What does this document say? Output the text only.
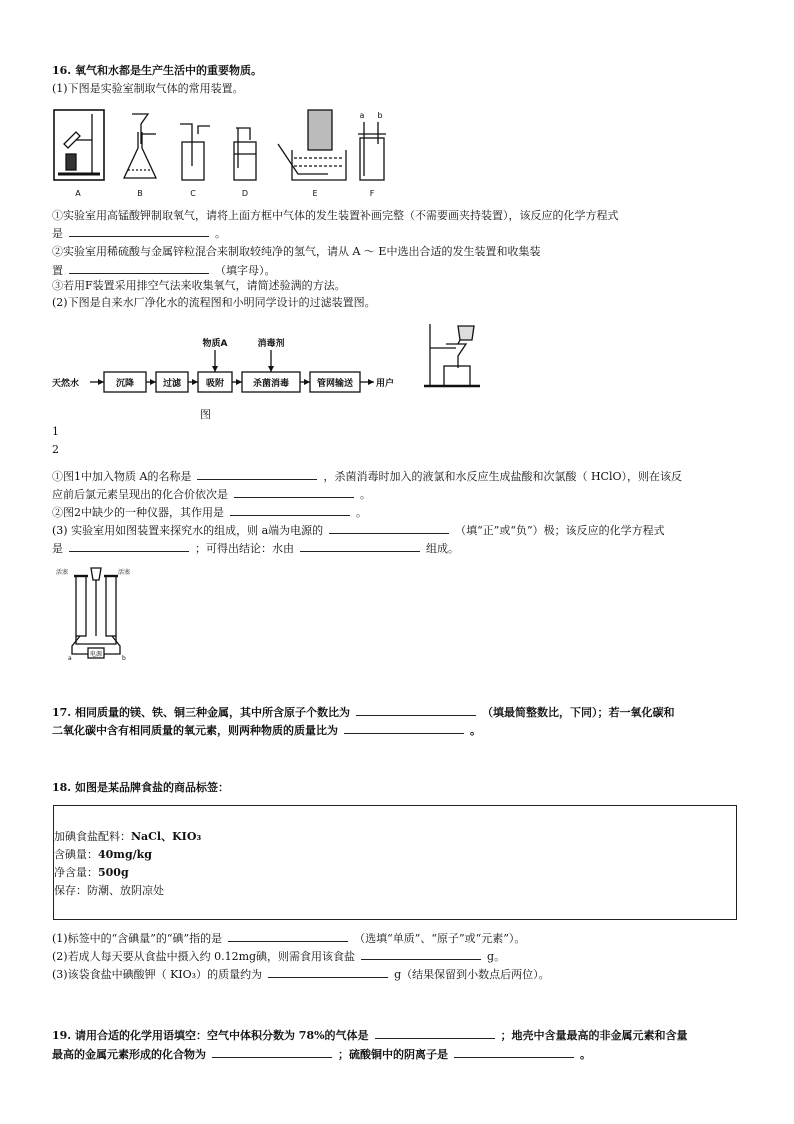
16. 氧气和水都是生产生活中的重要物质。
(1)下图是实验室制取气体的常用装置。
A	B	C	D	E	F
a b
①实验室用高锰酸钾制取氧气，请将上面方框中气体的发生装置补画完整（不需要画夹持装置），该反应的化学方程式
是	。
②实验室用稀硫酸与金属锌粒混合来制取较纯净的氢气，请从 A ～ E中选出合适的发生装置和收集装
置	（填字母）。
③若用F装置采用排空气法来收集氧气，请简述验满的方法。
(2)下图是自来水厂净化水的流程图和小明同学设计的过滤装置图。
天然水	沉降	过滤	吸附	杀菌消毒	管网输送	用户
物质A	消毒剂
图
1
2
①图1中加入物质 A的名称是	，杀菌消毒时加入的液氯和水反应生成盐酸和次氯酸（ HClO），则在该反
应前后氯元素呈现出的化合价依次是	。
②图2中缺少的一种仪器，其作用是	。
(3) 实验室用如图装置来探究水的组成，则 a端为电源的	（填“正”或“负”）极；该反应的化学方程式
是	；可得出结论：水由	组成。
活塞	活塞
电源
a	b
17. 相同质量的镁、铁、铜三种金属，其中所含原子个数比为	（填最简整数比，下同）；若一氧化碳和
二氧化碳中含有相同质量的氧元素，则两种物质的质量比为	。
18. 如图是某品牌食盐的商品标签：
加碘食盐配料：NaCl、KIO₃
含碘量：40mg/kg
净含量：500g
保存：防潮、放阴凉处
(1)标签中的“含碘量”的“碘”指的是	（选填“单质”、“原子”或“元素”）。
(2)若成人每天要从食盐中摄入约 0.12mg碘，则需食用该食盐	g。
(3)该袋食盐中碘酸钾（ KIO₃）的质量约为	g（结果保留到小数点后两位）。
19. 请用合适的化学用语填空：空气中体积分数为 78%的气体是	；地壳中含量最高的非金属元素和含量
最高的金属元素形成的化合物为	；硫酸铜中的阴离子是	。
